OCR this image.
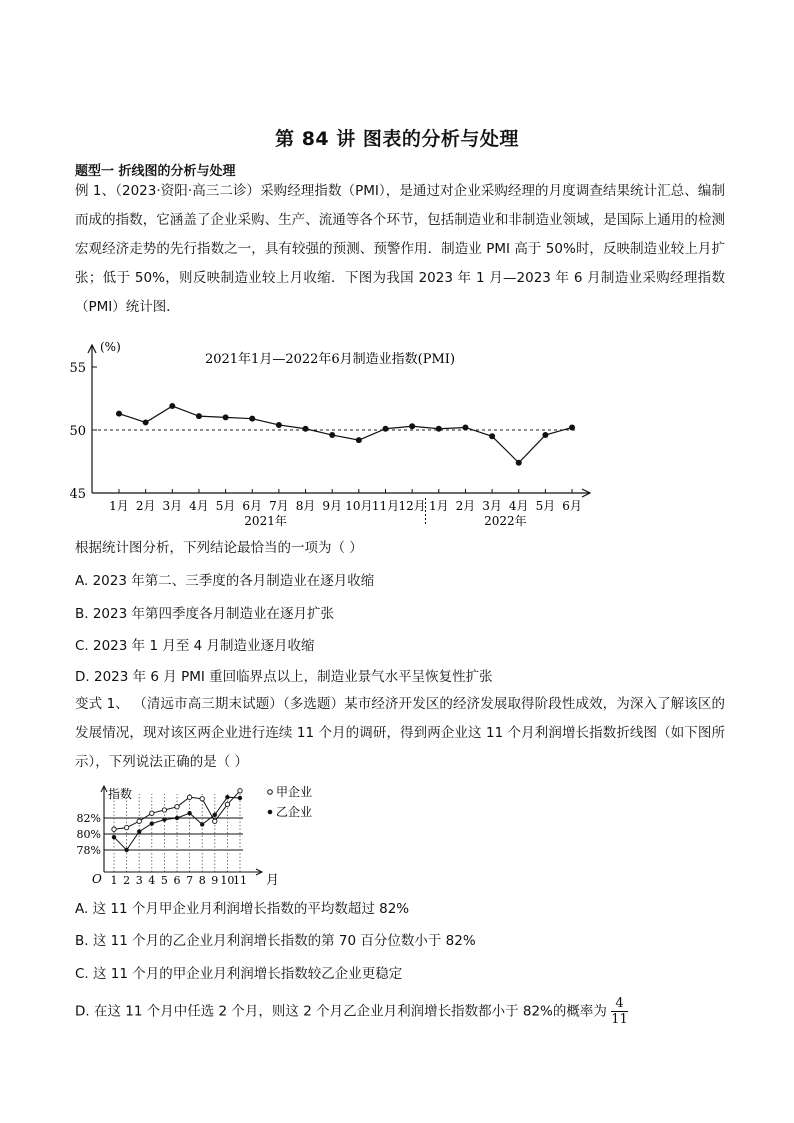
第 84 讲 图表的分析与处理
题型一 折线图的分析与处理
例 1、（2023·资阳·高三二诊）采购经理指数（PMI），是通过对企业采购经理的月度调查结果统计汇总、编制而成的指数，它涵盖了企业采购、生产、流通等各个环节，包括制造业和非制造业领域，是国际上通用的检测宏观经济走势的先行指数之一，具有较强的预测、预警作用．制造业 PMI 高于 50%时，反映制造业较上月扩张；低于 50%，则反映制造业较上月收缩．下图为我国 2023 年 1 月—2023 年 6 月制造业采购经理指数（PMI）统计图．
45
50
55
(%)
2021年1月—2022年6月制造业指数(PMI)
1月 2月 3月 4月 5月 6月 7月 8月 9月 10月 11月 12月 1月 2月 3月 4月 5月 6月
2021年	2022年
根据统计图分析，下列结论最恰当的一项为（ ）
A. 2023 年第二、三季度的各月制造业在逐月收缩
B. 2023 年第四季度各月制造业在逐月扩张
C. 2023 年 1 月至 4 月制造业逐月收缩
D. 2023 年 6 月 PMI 重回临界点以上，制造业景气水平呈恢复性扩张
变式 1、 （清远市高三期末试题）（多选题）某市经济开发区的经济发展取得阶段性成效，为深入了解该区的发展情况，现对该区两企业进行连续 11 个月的调研，得到两企业这 11 个月利润增长指数折线图（如下图所示），下列说法正确的是（ ）
82%
80%
78%
1 2 3 4 5 6 7 8 9 10
11
指数
月
O
甲企业
乙企业
A. 这 11 个月甲企业月利润增长指数的平均数超过 82%
B. 这 11 个月的乙企业月利润增长指数的第 70 百分位数小于 82%
C. 这 11 个月的甲企业月利润增长指数较乙企业更稳定
D. 在这 11 个月中任选 2 个月，则这 2 个月乙企业月利润增长指数都小于 82%的概率为 $\frac{4}{11}$
